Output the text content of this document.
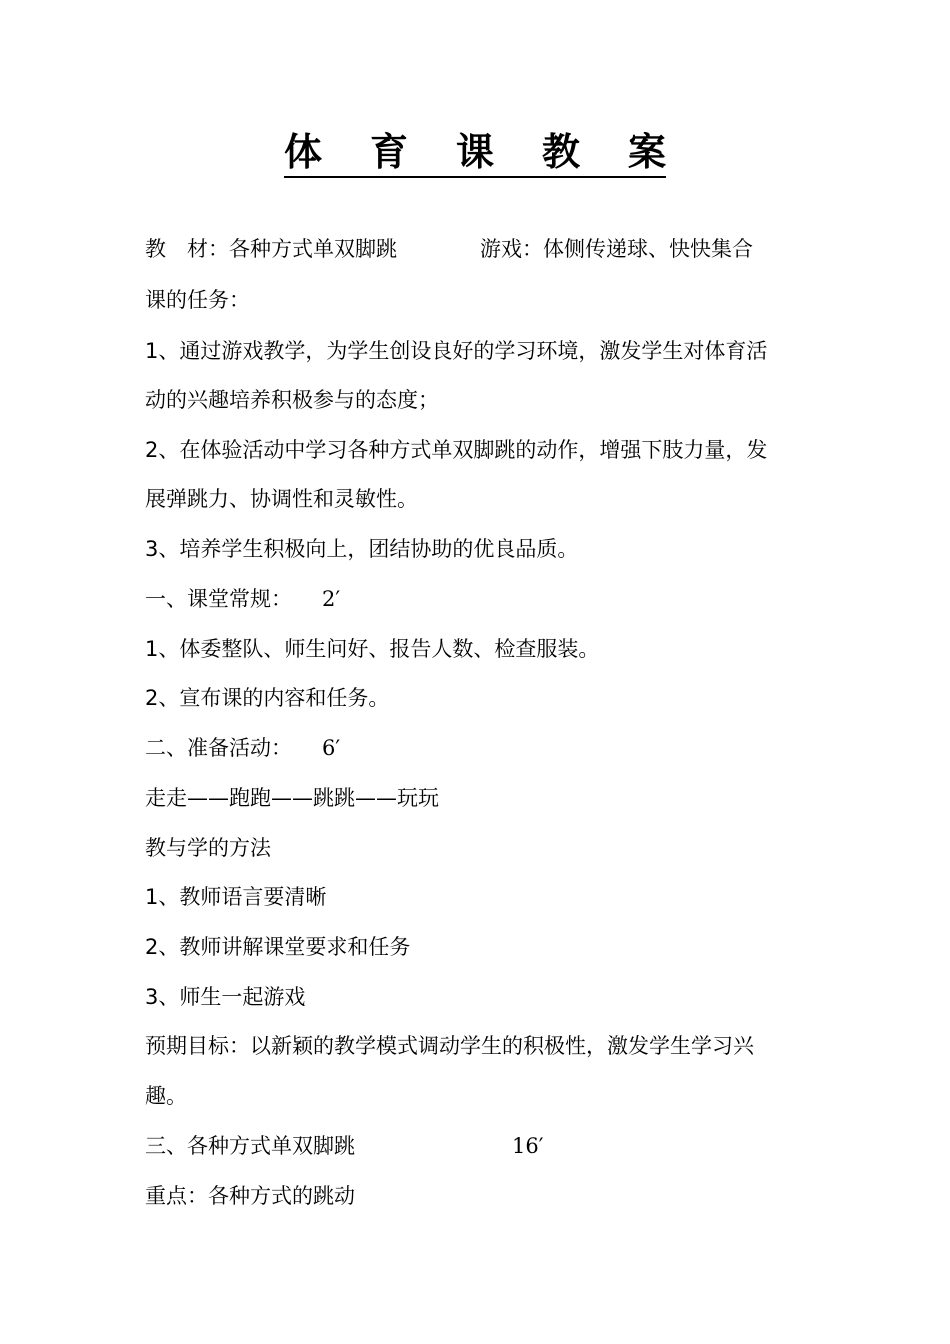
体 育 课 教 案
教　材：各种方式单双脚跳	游戏：体侧传递球、快快集合
课的任务：
1、通过游戏教学，为学生创设良好的学习环境，激发学生对体育活
动的兴趣培养积极参与的态度；
2、在体验活动中学习各种方式单双脚跳的动作，增强下肢力量，发
展弹跳力、协调性和灵敏性。
3、培养学生积极向上，团结协助的优良品质。
一、课堂常规： 2′
1、体委整队、师生问好、报告人数、检查服装。
2、宣布课的内容和任务。
二、准备活动： 6′
走走——跑跑——跳跳——玩玩
教与学的方法
1、教师语言要清晰
2、教师讲解课堂要求和任务
3、师生一起游戏
预期目标：以新颖的教学模式调动学生的积极性，激发学生学习兴
趣。
三、各种方式单双脚跳	16′
重点：各种方式的跳动
